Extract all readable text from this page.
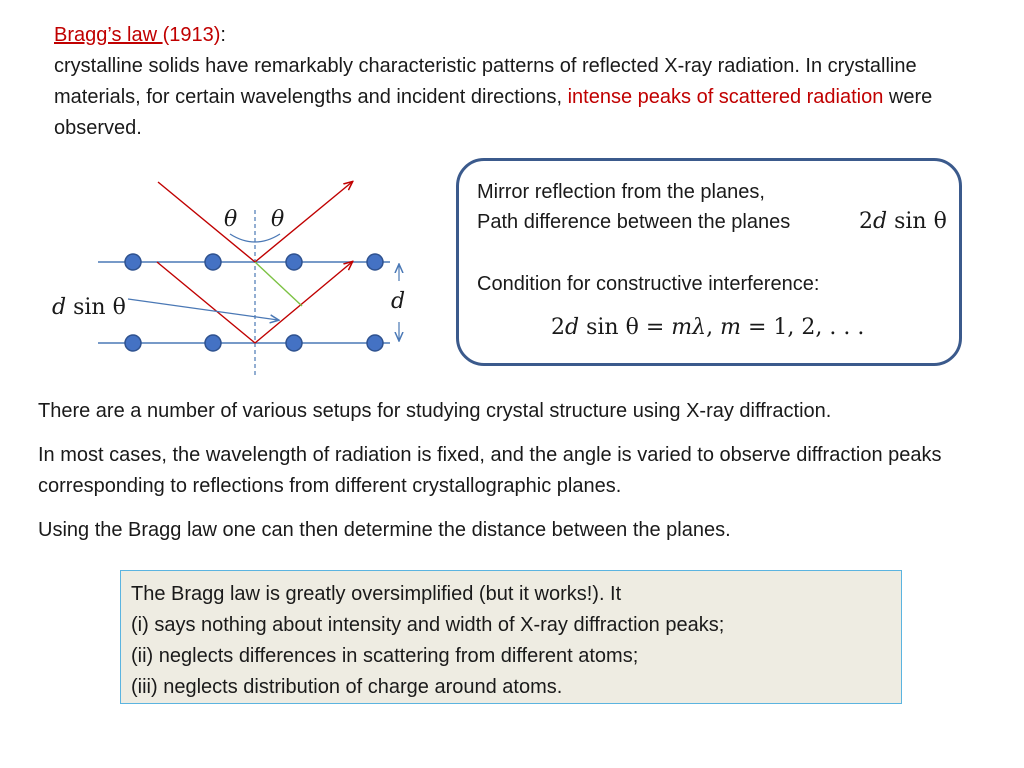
Bragg’s law (1913):
crystalline solids have remarkably characteristic patterns of reflected X-ray radiation. In crystalline materials, for certain wavelengths and incident directions, intense peaks of scattered radiation were observed.
θ θ
d
d sin θ
Mirror reflection from the planes,
Path difference between the planes	2d sin θ
Condition for constructive interference:
2d sin θ = mλ, m = 1, 2, . . .

There are a number of various setups for studying crystal structure using X-ray diffraction.

In most cases, the wavelength of radiation is fixed, and the angle is varied to observe diffraction peaks corresponding to reflections from different crystallographic planes.

Using the Bragg law one can then determine the distance between the planes.

The Bragg law is greatly oversimplified (but it works!). It
(i) says nothing about intensity and width of X-ray diffraction peaks;
(ii) neglects differences in scattering from different atoms;
(iii) neglects distribution of charge around atoms.
